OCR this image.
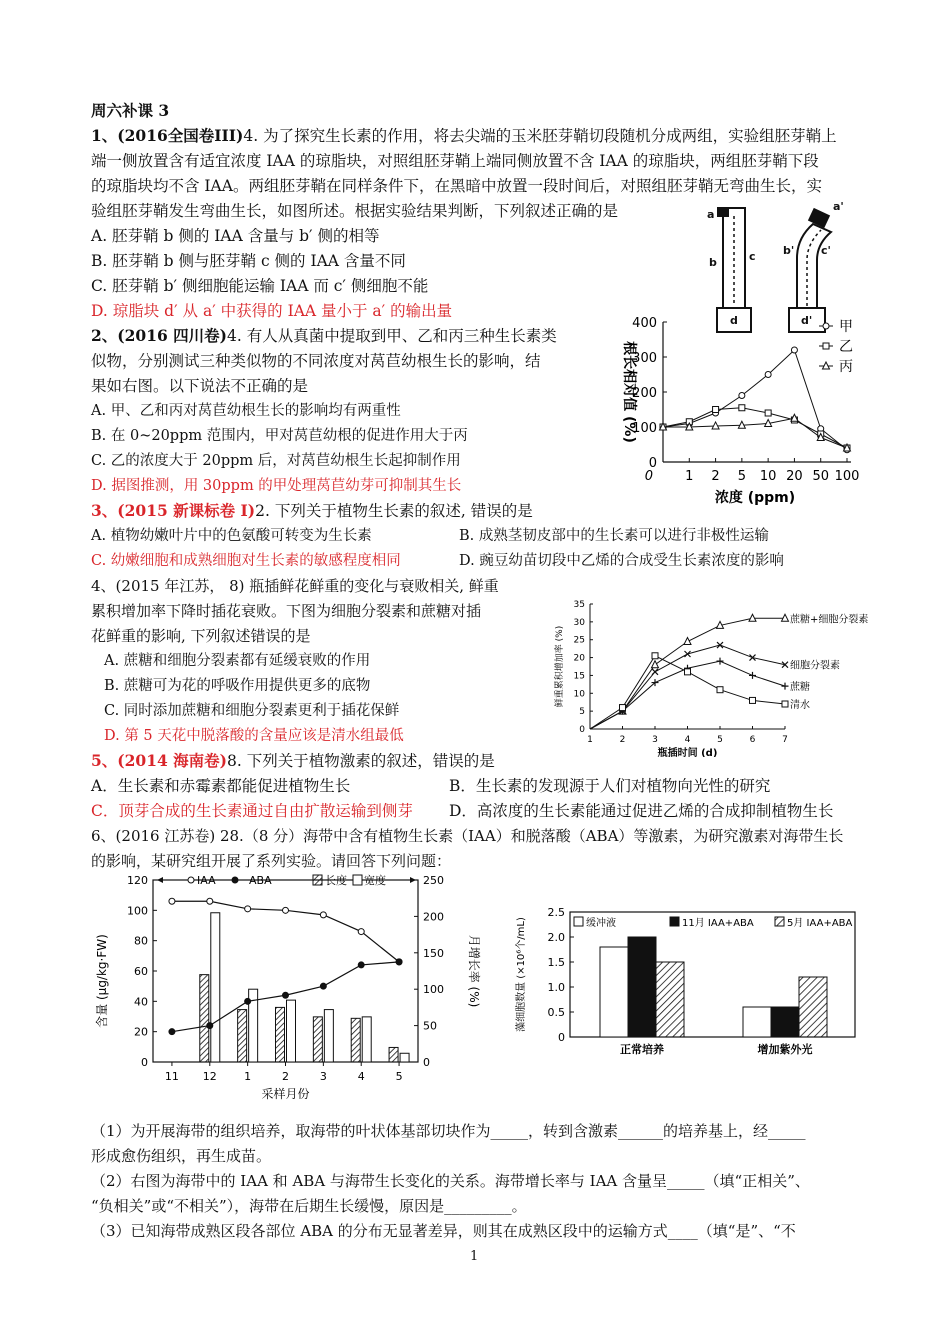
周六补课 3
1、(2016全国卷III)4. 为了探究生长素的作用，将去尖端的玉米胚芽鞘切段随机分成两组，实验组胚芽鞘上
端一侧放置含有适宜浓度 IAA 的琼脂块，对照组胚芽鞘上端同侧放置不含 IAA 的琼脂块，两组胚芽鞘下段
的琼脂块均不含 IAA。两组胚芽鞘在同样条件下，在黑暗中放置一段时间后，对照组胚芽鞘无弯曲生长，实
验组胚芽鞘发生弯曲生长，如图所述。根据实验结果判断，下列叙述正确的是
A. 胚芽鞘 b 侧的 IAA 含量与 b′ 侧的相等
B. 胚芽鞘 b 侧与胚芽鞘 c 侧的 IAA 含量不同
C. 胚芽鞘 b′ 侧细胞能运输 IAA 而 c′ 侧细胞不能
D. 琼脂块 d′ 从 a′ 中获得的 IAA 量小于 a′ 的输出量
a
b	c
d
a'
b' c'
d'
2、(2016 四川卷)4. 有人从真菌中提取到甲、乙和丙三种生长素类
似物，分别测试三种类似物的不同浓度对莴苣幼根生长的影响，结
果如右图。以下说法不正确的是
A. 甲、乙和丙对莴苣幼根生长的影响均有两重性
B. 在 0~20ppm 范围内，甲对莴苣幼根的促进作用大于丙
C. 乙的浓度大于 20ppm 后，对莴苣幼根生长起抑制作用
D. 据图推测，用 30ppm 的甲处理莴苣幼芽可抑制其生长
0
100
200
300
400
1 2 5 10 20 50 100
0
浓度 (ppm)
根长相对值 (%)
甲
乙
丙
3、(2015 新课标卷 I)2. 下列关于植物生长素的叙述, 错误的是
A. 植物幼嫩叶片中的色氨酸可转变为生长素	B. 成熟茎韧皮部中的生长素可以进行非极性运输
C. 幼嫩细胞和成熟细胞对生长素的敏感程度相同	D. 豌豆幼苗切段中乙烯的合成受生长素浓度的影响
4、(2015 年江苏， 8) 瓶插鲜花鲜重的变化与衰败相关, 鲜重
累积增加率下降时插花衰败。下图为细胞分裂素和蔗糖对插
花鲜重的影响, 下列叙述错误的是
A. 蔗糖和细胞分裂素都有延缓衰败的作用
B. 蔗糖可为花的呼吸作用提供更多的底物
C. 同时添加蔗糖和细胞分裂素更利于插花保鲜
D. 第 5 天花中脱落酸的含量应该是清水组最低	0
5
10
15
20
25
30
35
1	2	3	4	5	6	7
瓶插时间 (d)
鲜重累积增加率 (%)
蔗糖+细胞分裂素
细胞分裂素
蔗糖
清水
5、(2014 海南卷)8. 下列关于植物激素的叙述，错误的是
A．生长素和赤霉素都能促进植物生长	B．生长素的发现源于人们对植物向光性的研究
C．顶芽合成的生长素通过自由扩散运输到侧芽 D．高浓度的生长素能通过促进乙烯的合成抑制植物生长
6、(2016 江苏卷) 28.（8 分）海带中含有植物生长素（IAA）和脱落酸（ABA）等激素，为研究激素对海带生长
的影响，某研究组开展了系列实验。请回答下列问题：
0
20
40
60
80
100
120
0
50
100
150
200
250
11 12 1	2	3	4	5
采样月份
含量 (μg/kg·FW)	月增长率 (%)
IAA	ABA	长度 宽度
0
0.5
1.0
1.5
2.0
2.5
藻细胞数量 (×10⁶个/mL)
正常培养	增加紫外光
缓冲液	11月 IAA+ABA	5月 IAA+ABA
（1）为开展海带的组织培养，取海带的叶状体基部切块作为_____，转到含激素______的培养基上，经_____
形成愈伤组织，再生成苗。
（2）右图为海带中的 IAA 和 ABA 与海带生长变化的关系。海带增长率与 IAA 含量呈_____（填“正相关”、
“负相关”或“不相关”），海带在后期生长缓慢，原因是_________。
（3）已知海带成熟区段各部位 ABA 的分布无显著差异，则其在成熟区段中的运输方式____（填“是”、“不
1
